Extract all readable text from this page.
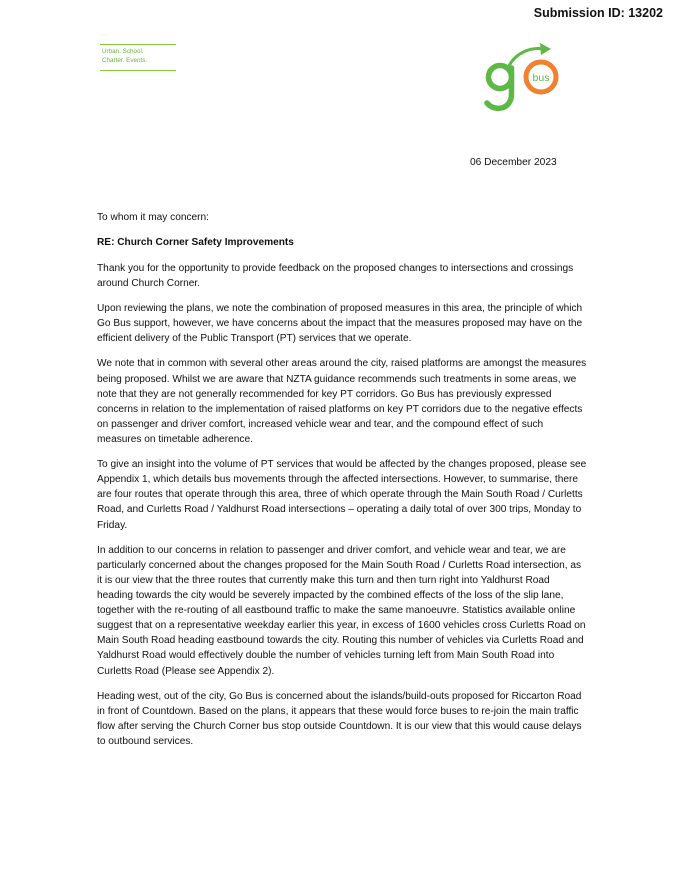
Submission ID: 13202
Urban. School.
Charter. Events.
bus
06 December 2023

To whom it may concern:

RE: Church Corner Safety Improvements

Thank you for the opportunity to provide feedback on the proposed changes to intersections and crossings around Church Corner.

Upon reviewing the plans, we note the combination of proposed measures in this area, the principle of which Go Bus support, however, we have concerns about the impact that the measures proposed may have on the efficient delivery of the Public Transport (PT) services that we operate.

We note that in common with several other areas around the city, raised platforms are amongst the measures being proposed. Whilst we are aware that NZTA guidance recommends such treatments in some areas, we note that they are not generally recommended for key PT corridors. Go Bus has previously expressed concerns in relation to the implementation of raised platforms on key PT corridors due to the negative effects on passenger and driver comfort, increased vehicle wear and tear, and the compound effect of such measures on timetable adherence.

To give an insight into the volume of PT services that would be affected by the changes proposed, please see Appendix 1, which details bus movements through the affected intersections. However, to summarise, there are four routes that operate through this area, three of which operate through the Main South Road / Curletts Road, and Curletts Road / Yaldhurst Road intersections – operating a daily total of over 300 trips, Monday to Friday.

In addition to our concerns in relation to passenger and driver comfort, and vehicle wear and tear, we are particularly concerned about the changes proposed for the Main South Road / Curletts Road intersection, as it is our view that the three routes that currently make this turn and then turn right into Yaldhurst Road heading towards the city would be severely impacted by the combined effects of the loss of the slip lane, together with the re-routing of all eastbound traffic to make the same manoeuvre. Statistics available online suggest that on a representative weekday earlier this year, in excess of 1600 vehicles cross Curletts Road on Main South Road heading eastbound towards the city. Routing this number of vehicles via Curletts Road and Yaldhurst Road would effectively double the number of vehicles turning left from Main South Road into Curletts Road (Please see Appendix 2).

Heading west, out of the city, Go Bus is concerned about the islands/build-outs proposed for Riccarton Road in front of Countdown. Based on the plans, it appears that these would force buses to re-join the main traffic flow after serving the Church Corner bus stop outside Countdown. It is our view that this would cause delays to outbound services.
